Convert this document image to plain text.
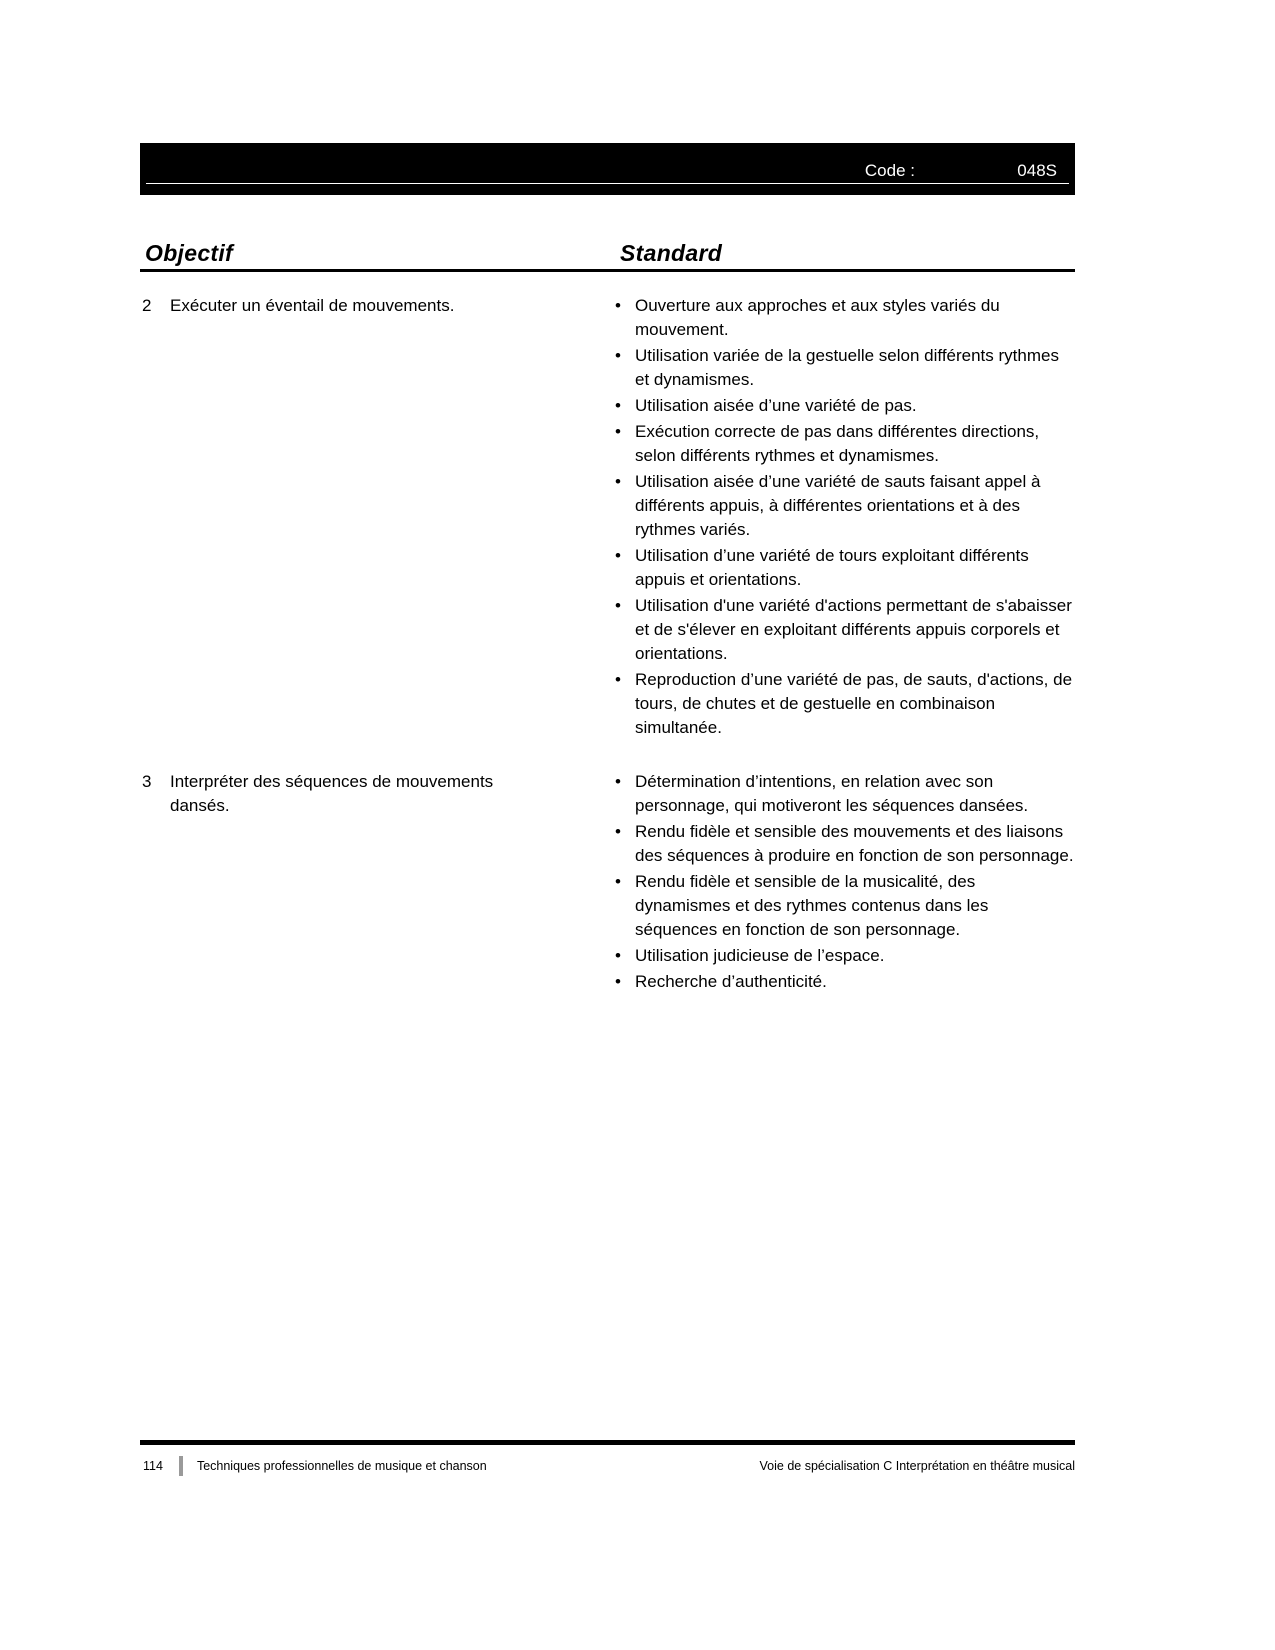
Code :	048S
Objectif	Standard
2	Exécuter un éventail de mouvements.	• Ouverture aux approches et aux styles variés du mouvement.
• Utilisation variée de la gestuelle selon différents rythmes et dynamismes.
• Utilisation aisée d’une variété de pas.
• Exécution correcte de pas dans différentes directions, selon différents rythmes et dynamismes.
• Utilisation aisée d’une variété de sauts faisant appel à différents appuis, à différentes orientations et à des rythmes variés.
• Utilisation d’une variété de tours exploitant différents appuis et orientations.
• Utilisation d'une variété d'actions permettant de s'abaisser et de s'élever en exploitant différents appuis corporels et orientations.
• Reproduction d’une variété de pas, de sauts, d'actions, de tours, de chutes et de gestuelle en combinaison simultanée.
3	Interpréter des séquences de mouvements dansés.
• Détermination d’intentions, en relation avec son personnage, qui motiveront les séquences dansées.
• Rendu fidèle et sensible des mouvements et des liaisons des séquences à produire en fonction de son personnage.
• Rendu fidèle et sensible de la musicalité, des dynamismes et des rythmes contenus dans les séquences en fonction de son personnage.
• Utilisation judicieuse de l’espace.
• Recherche d’authenticité.
114	Techniques professionnelles de musique et chanson	Voie de spécialisation C Interprétation en théâtre musical
